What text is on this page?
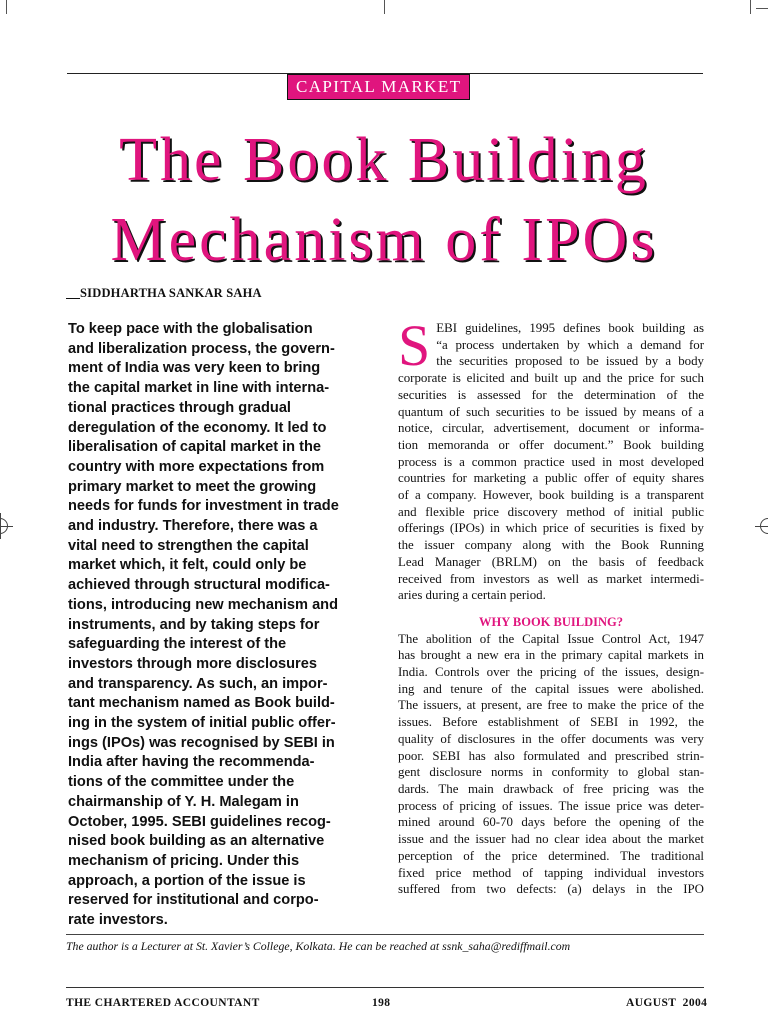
CAPITAL MARKET
The Book Building
Mechanism of IPOs
SIDDHARTHA SANKAR SAHA
To keep pace with the globalisation
and liberalization process, the govern-
ment of India was very keen to bring
the capital market in line with interna-
tional practices through gradual
deregulation of the economy. It led to
liberalisation of capital market in the
country with more expectations from
primary market to meet the growing
needs for funds for investment in trade
and industry. Therefore, there was a
vital need to strengthen the capital
market which, it felt, could only be
achieved through structural modifica-
tions, introducing new mechanism and
instruments, and by taking steps for
safeguarding the interest of the
investors through more disclosures
and transparency. As such, an impor-
tant mechanism named as Book build-
ing in the system of initial public offer-
ings (IPOs) was recognised by SEBI in
India after having the recommenda-
tions of the committee under the
chairmanship of Y. H. Malegam in
October, 1995. SEBI guidelines recog-
nised book building as an alternative
mechanism of pricing. Under this
approach, a portion of the issue is
reserved for institutional and corpo-
rate investors.
S EBI guidelines, 1995 defines book building as
“a process undertaken by which a demand for
the securities proposed to be issued by a body
corporate is elicited and built up and the price for such
securities is assessed for the determination of the
quantum of such securities to be issued by means of a
notice, circular, advertisement, document or informa-
tion memoranda or offer document.” Book building
process is a common practice used in most developed
countries for marketing a public offer of equity shares
of a company. However, book building is a transparent
and flexible price discovery method of initial public
offerings (IPOs) in which price of securities is fixed by
the issuer company along with the Book Running
Lead Manager (BRLM) on the basis of feedback
received from investors as well as market intermedi-
aries during a certain period.
WHY BOOK BUILDING?
The abolition of the Capital Issue Control Act, 1947
has brought a new era in the primary capital markets in
India. Controls over the pricing of the issues, design-
ing and tenure of the capital issues were abolished.
The issuers, at present, are free to make the price of the
issues. Before establishment of SEBI in 1992, the
quality of disclosures in the offer documents was very
poor. SEBI has also formulated and prescribed strin-
gent disclosure norms in conformity to global stan-
dards. The main drawback of free pricing was the
process of pricing of issues. The issue price was deter-
mined around 60-70 days before the opening of the
issue and the issuer had no clear idea about the market
perception of the price determined. The traditional
fixed price method of tapping individual investors
suffered from two defects: (a) delays in the IPO
The author is a Lecturer at St. Xavier’s College, Kolkata. He can be reached at ssnk_saha@rediffmail.com
THE CHARTERED ACCOUNTANT	198	AUGUST  2004
